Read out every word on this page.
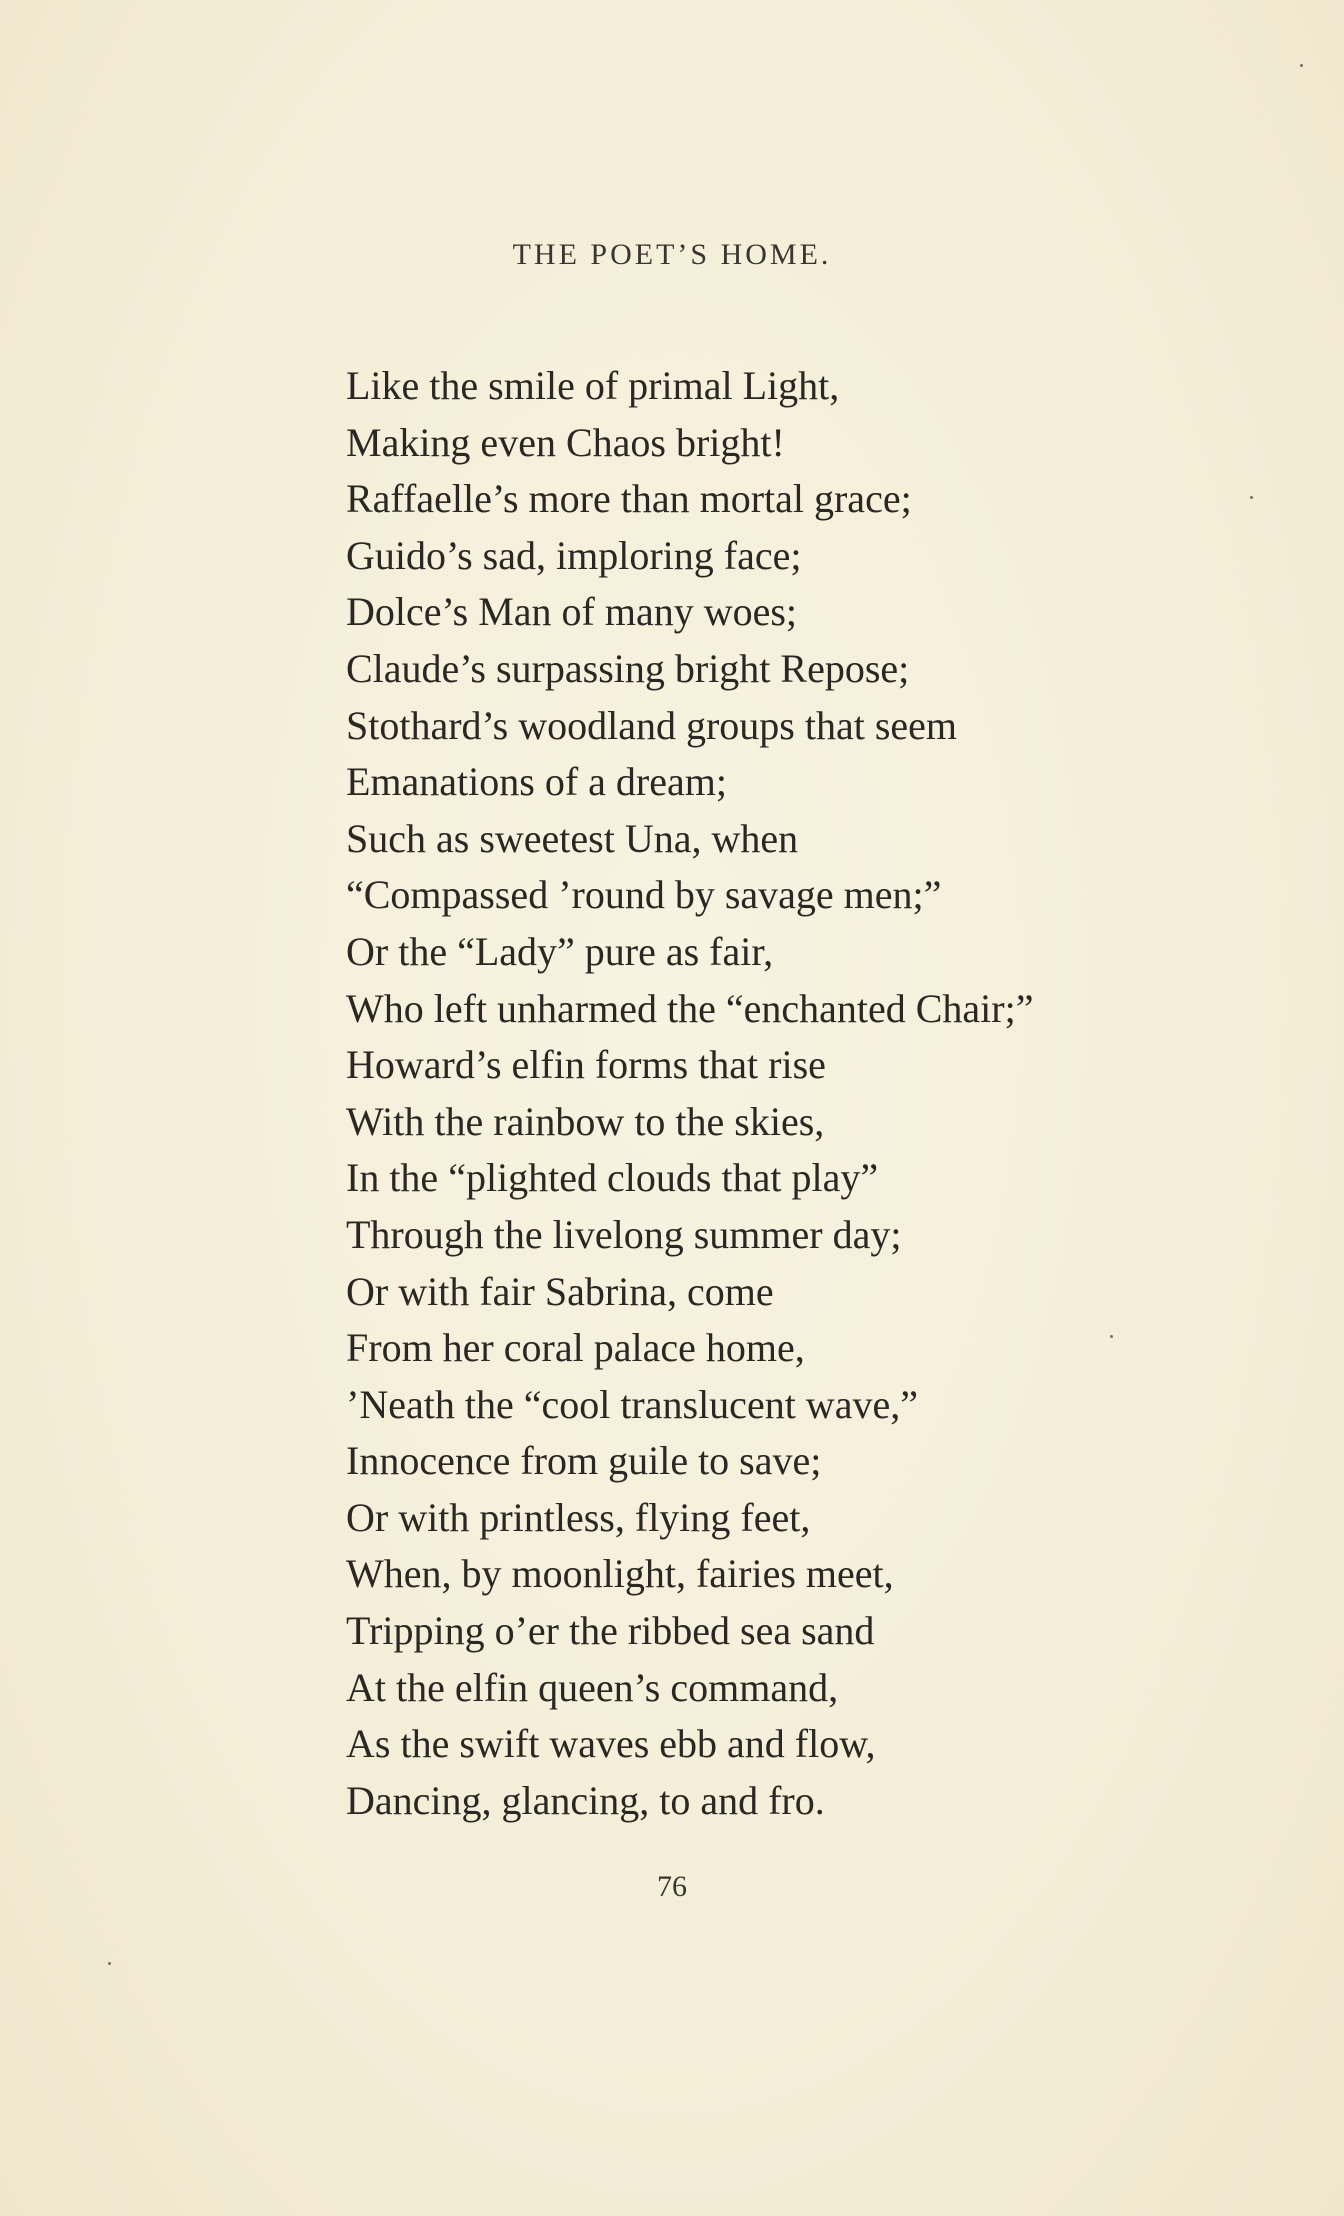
THE POET’S HOME.
Like the smile of primal Light,
Making even Chaos bright!
Raffaelle’s more than mortal grace;
Guido’s sad, imploring face;
Dolce’s Man of many woes;
Claude’s surpassing bright Repose;
Stothard’s woodland groups that seem
Emanations of a dream;
Such as sweetest Una, when
“Compassed ’round by savage men;”
Or the “Lady” pure as fair,
Who left unharmed the “enchanted Chair;”
Howard’s elfin forms that rise
With the rainbow to the skies,
In the “plighted clouds that play”
Through the livelong summer day;
Or with fair Sabrina, come
From her coral palace home,
’Neath the “cool translucent wave,”
Innocence from guile to save;
Or with printless, flying feet,
When, by moonlight, fairies meet,
Tripping o’er the ribbed sea sand
At the elfin queen’s command,
As the swift waves ebb and flow,
Dancing, glancing, to and fro.
76
